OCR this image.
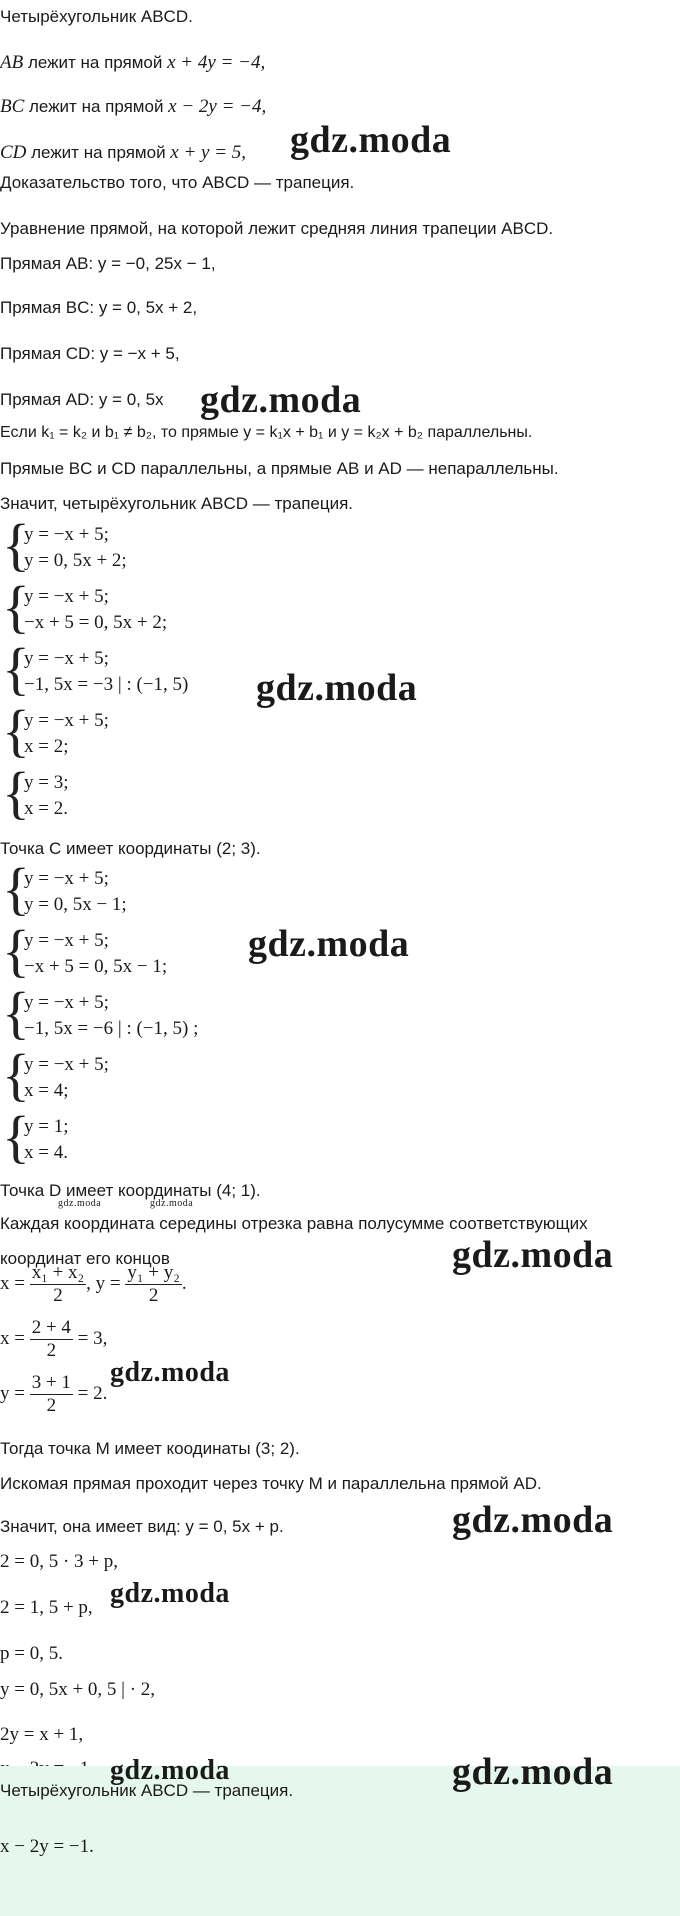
Четырёхугольник ABCD.
AB лежит на прямой x + 4y = −4,
BC лежит на прямой x − 2y = −4,
CD лежит на прямой x + y = 5,
Доказательство того, что ABCD — трапеция.
Уравнение прямой, на которой лежит средняя линия трапеции ABCD.
Прямая AB: y = −0, 25x − 1,
Прямая BC: y = 0, 5x + 2,
Прямая CD: y = −x + 5,
Прямая AD: y = 0, 5x
Если k₁ = k₂ и b₁ ≠ b₂, то прямые y = k₁x + b₁ и y = k₂x + b₂ параллельны.
Прямые BC и CD параллельны, а прямые AB и AD — непараллельны.
Значит, четырёхугольник ABCD — трапеция.
{
y = −x + 5;
y = 0, 5x + 2;
{
y = −x + 5;
−x + 5 = 0, 5x + 2;
{
y = −x + 5;
−1, 5x = −3 | : (−1, 5)
{
y = −x + 5;
x = 2;
{
y = 3;
x = 2.
Точка C имеет координаты (2; 3).
{
y = −x + 5;
y = 0, 5x − 1;
{
y = −x + 5;
−x + 5 = 0, 5x − 1;
{
y = −x + 5;
−1, 5x = −6 | : (−1, 5) ;
{
y = −x + 5;
x = 4;
{
y = 1;
x = 4.
Точка D имеет координаты (4; 1).
Каждая координата середины отрезка равна полусумме соответствующих
координат его концов
$x = \frac{\text{x₁ + x₂}}{2}$ , $y = \frac{\text{y₁ + y₂}}{2}$ .
$x = \frac{2 + 4}{2} = 3$,
$y = \frac{3 + 1}{2} = 2$.
Тогда точка M имеет коодинаты (3; 2).
Искомая прямая проходит через точку M и параллельна прямой AD.
Значит, она имеет вид: y = 0, 5x + p.
2 = 0, 5 · 3 + p,
2 = 1, 5 + p,
p = 0, 5.
y = 0, 5x + 0, 5 | · 2,
2y = x + 1,
Четырёхугольник ABCD — трапеция.
x − 2y = −1.
gdz.moda
gdz.moda
gdz.moda
gdz.moda
gdz.moda	gdz.moda
gdz.moda
gdz.moda
gdz.moda
gdz.moda
gdz.moda	gdz.moda
